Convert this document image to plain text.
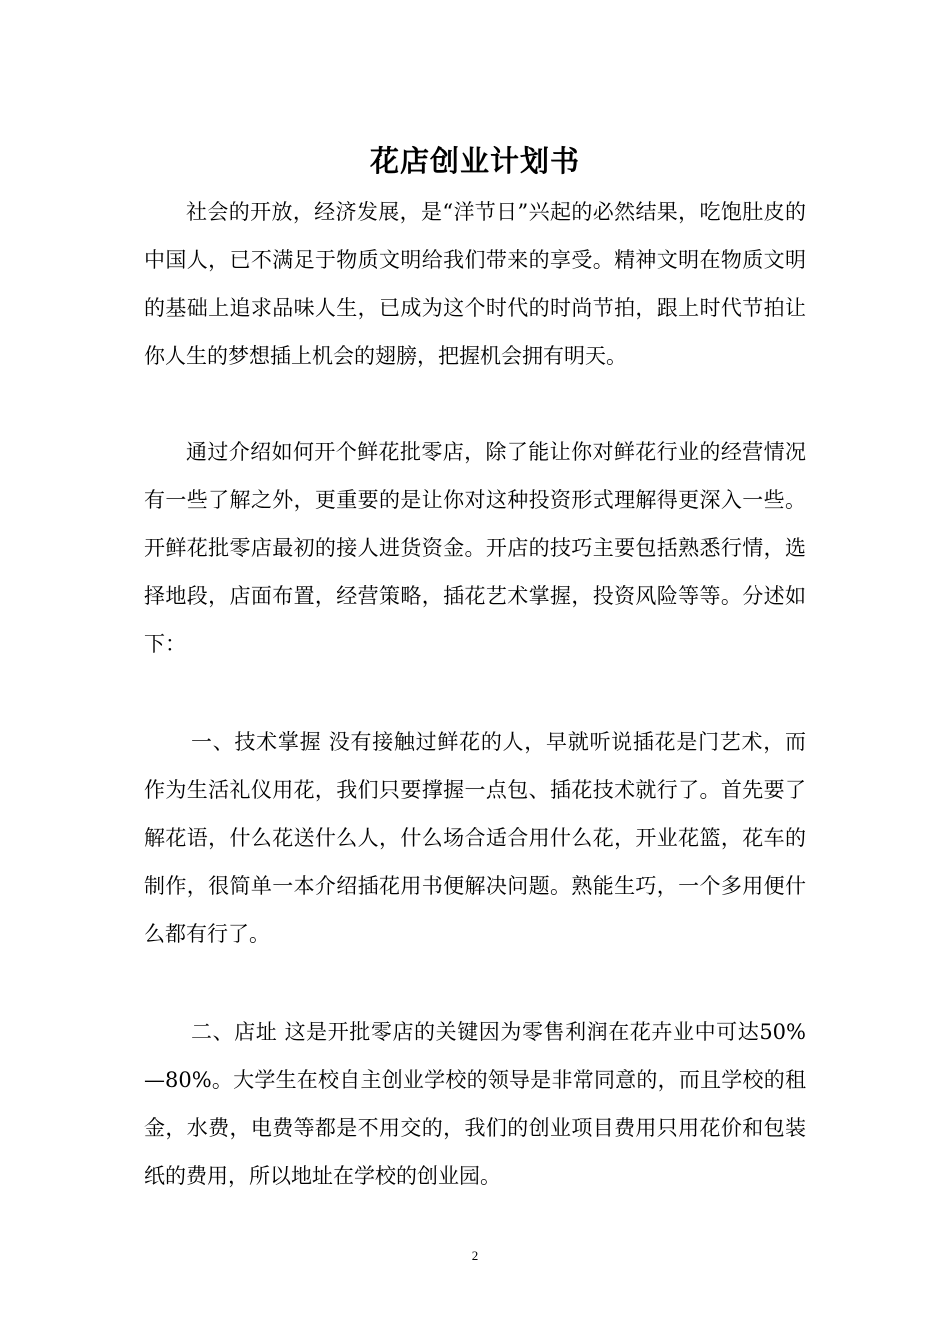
花店创业计划书

社会的开放，经济发展，是“洋节日”兴起的必然结果，吃饱肚皮的中国人，已不满足于物质文明给我们带来的享受。精神文明在物质文明的基础上追求品味人生，已成为这个时代的时尚节拍，跟上时代节拍让你人生的梦想插上机会的翅膀，把握机会拥有明天。

通过介绍如何开个鲜花批零店，除了能让你对鲜花行业的经营情况有一些了解之外，更重要的是让你对这种投资形式理解得更深入一些。开鲜花批零店最初的接人进货资金。开店的技巧主要包括熟悉行情，选择地段，店面布置，经营策略，插花艺术掌握，投资风险等等。分述如下：

一、技术掌握 没有接触过鲜花的人，早就听说插花是门艺术，而作为生活礼仪用花，我们只要撑握一点包、插花技术就行了。首先要了解花语，什么花送什么人，什么场合适合用什么花，开业花篮，花车的制作，很简单一本介绍插花用书便解决问题。熟能生巧，一个多用便什么都有行了。

二、店址 这是开批零店的关键因为零售利润在花卉业中可达50%—80%。大学生在校自主创业学校的领导是非常同意的，而且学校的租金，水费，电费等都是不用交的，我们的创业项目费用只用花价和包装纸的费用，所以地址在学校的创业园。

2
